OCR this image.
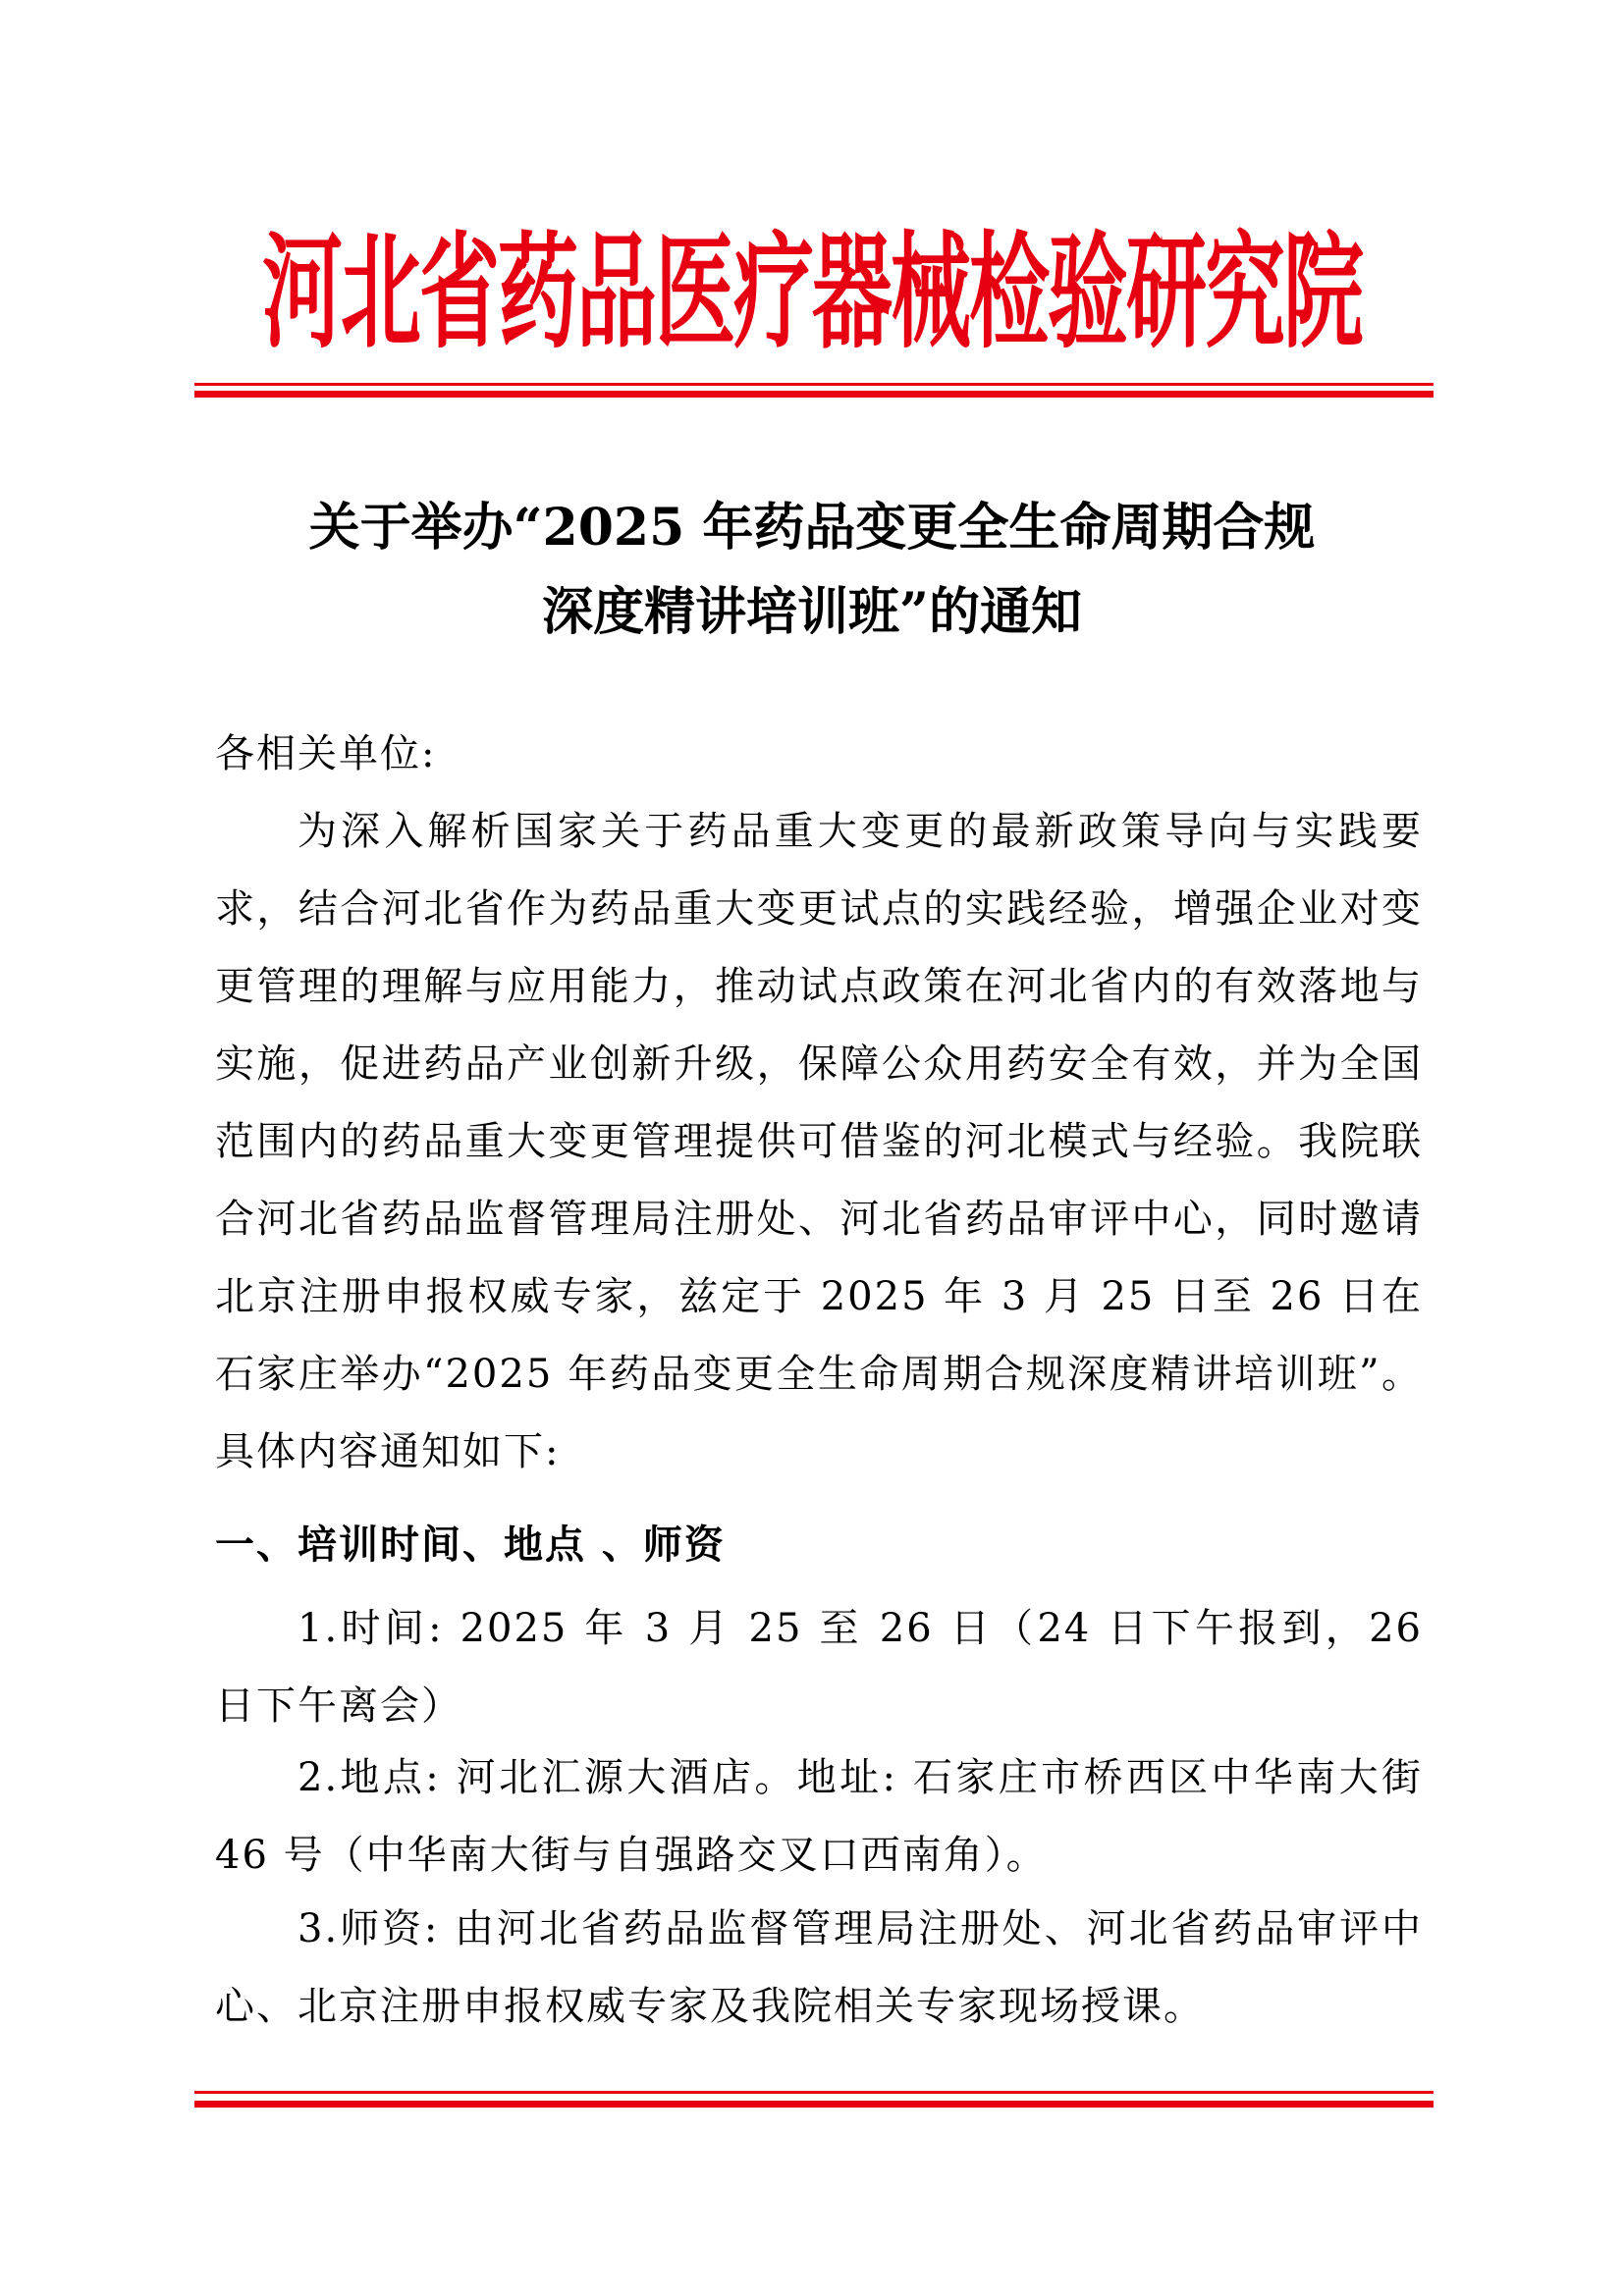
河北省药品医疗器械检验研究院
关于举办“2025 年药品变更全生命周期合规
深度精讲培训班”的通知
各相关单位:
为深入解析国家关于药品重大变更的最新政策导向与实践要求，结合河北省作为药品重大变更试点的实践经验，增强企业对变更管理的理解与应用能力，推动试点政策在河北省内的有效落地与实施，促进药品产业创新升级，保障公众用药安全有效，并为全国范围内的药品重大变更管理提供可借鉴的河北模式与经验。我院联合河北省药品监督管理局注册处、河北省药品审评中心，同时邀请北京注册申报权威专家，兹定于 2025 年 3 月 25 日至 26 日在石家庄举办“2025 年药品变更全生命周期合规深度精讲培训班”。具体内容通知如下:
一、培训时间、地点 、师资
1.时间: 2025 年 3 月 25 至 26 日（24 日下午报到，26 日下午离会）
2.地点: 河北汇源大酒店。地址: 石家庄市桥西区中华南大街 46 号（中华南大街与自强路交叉口西南角）。
3.师资: 由河北省药品监督管理局注册处、河北省药品审评中心、北京注册申报权威专家及我院相关专家现场授课。
